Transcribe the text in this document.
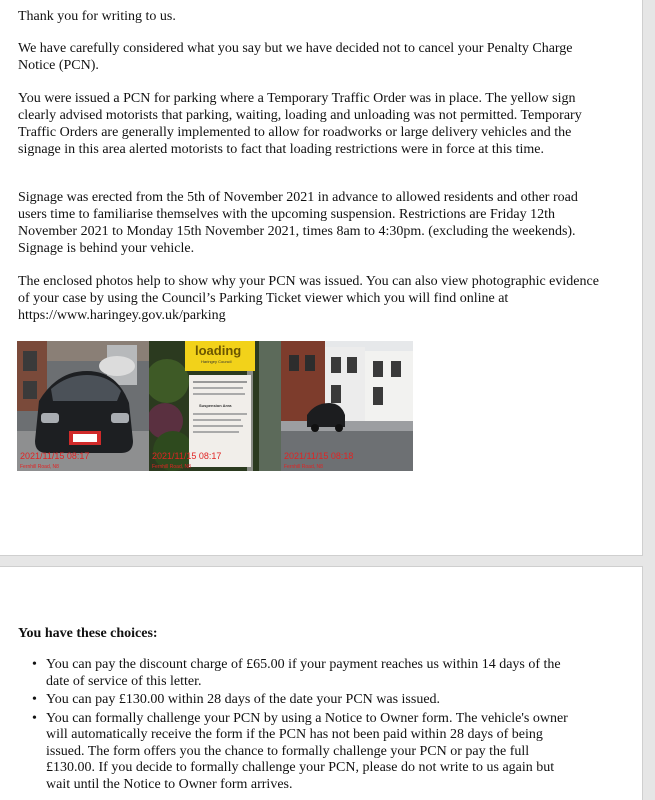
Thank you for writing to us.

We have carefully considered what you say but we have decided not to cancel your Penalty Charge Notice (PCN).

You were issued a PCN for parking where a Temporary Traffic Order was in place. The yellow sign clearly advised motorists that parking, waiting, loading and unloading was not permitted. Temporary Traffic Orders are generally implemented to allow for roadworks or large delivery vehicles and the signage in this area alerted motorists to fact that loading restrictions were in force at this time.

Signage was erected from the 5th of November 2021 in advance to allowed residents and other road users time to familiarise themselves with the upcoming suspension. Restrictions are Friday 12th November 2021 to Monday 15th November 2021, times 8am to 4:30pm. (excluding the weekends). Signage is behind your vehicle.

The enclosed photos help to show why your PCN was issued. You can also view photographic evidence of your case by using the Council’s Parking Ticket viewer which you will find online at https://www.haringey.gov.uk/parking

2021/11/15 08:17
Fernhill Road, N8
loading
Haringey Council
Suspension Area
2021/11/15 08:17
Fernhill Road, N8
2021/11/15 08:18
Fernhill Road, N8

You have these choices:

• You can pay the discount charge of £65.00 if your payment reaches us within 14 days of the date of service of this letter.
• You can pay £130.00 within 28 days of the date your PCN was issued.
• You can formally challenge your PCN by using a Notice to Owner form. The vehicle's owner will automatically receive the form if the PCN has not been paid within 28 days of being issued. The form offers you the chance to formally challenge your PCN or pay the full £130.00. If you decide to formally challenge your PCN, please do not write to us again but wait until the Notice to Owner form arrives.
